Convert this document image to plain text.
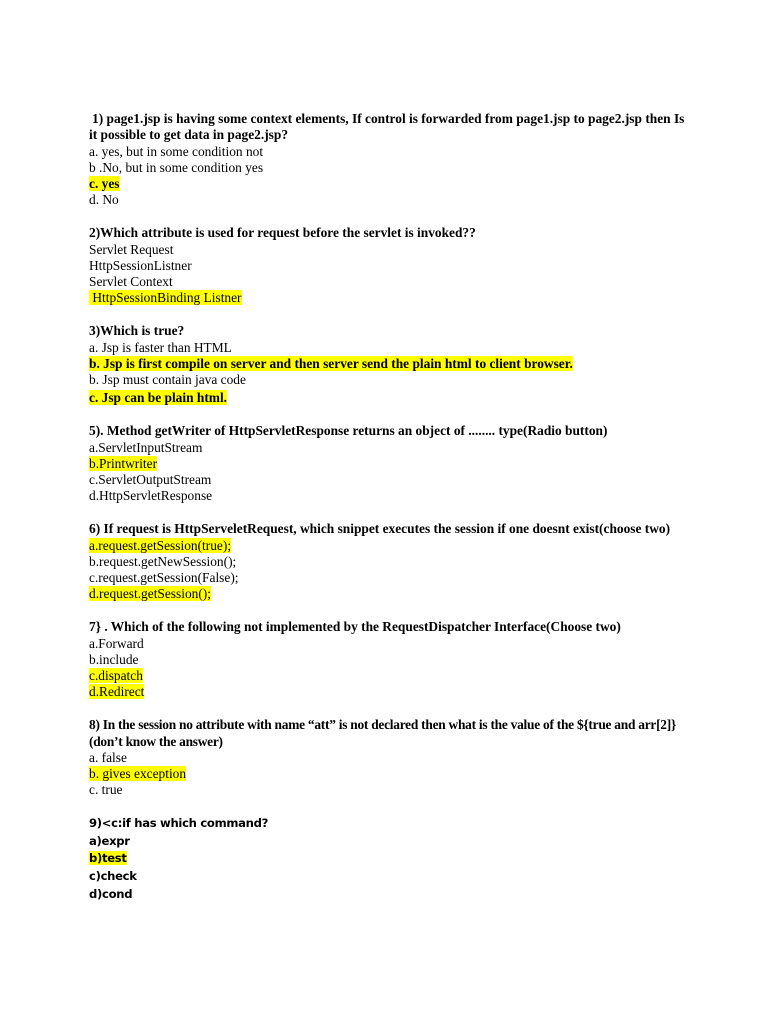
1) page1.jsp is having some context elements, If control is forwarded from page1.jsp to page2.jsp then Is it possible to get data in page2.jsp?
a. yes, but in some condition not
b .No, but in some condition yes
c. yes
d. No
2)Which attribute is used for request before the servlet is invoked??
Servlet Request
HttpSessionListner
Servlet Context
HttpSessionBinding Listner
3)Which is true?
a. Jsp is faster than HTML
b. Jsp is first compile on server and then server send the plain html to client browser.
b. Jsp must contain java code
c. Jsp can be plain html.
5). Method getWriter of HttpServletResponse returns an object of ........ type(Radio button)
a.ServletInputStream
b.Printwriter
c.ServletOutputStream
d.HttpServletResponse
6) If request is HttpServeletRequest, which snippet executes the session if one doesnt exist(choose two)
a.request.getSession(true);
b.request.getNewSession();
c.request.getSession(False);
d.request.getSession();
7} . Which of the following not implemented by the RequestDispatcher Interface(Choose two)
a.Forward
b.include
c.dispatch
d.Redirect
8) In the session no attribute with name “att” is not declared then what is the value of the ${true and arr[2]} (don’t know the answer)
a. false
b. gives exception
c. true
9)<c:if has which command?
a)expr
b)test
c)check
d)cond
